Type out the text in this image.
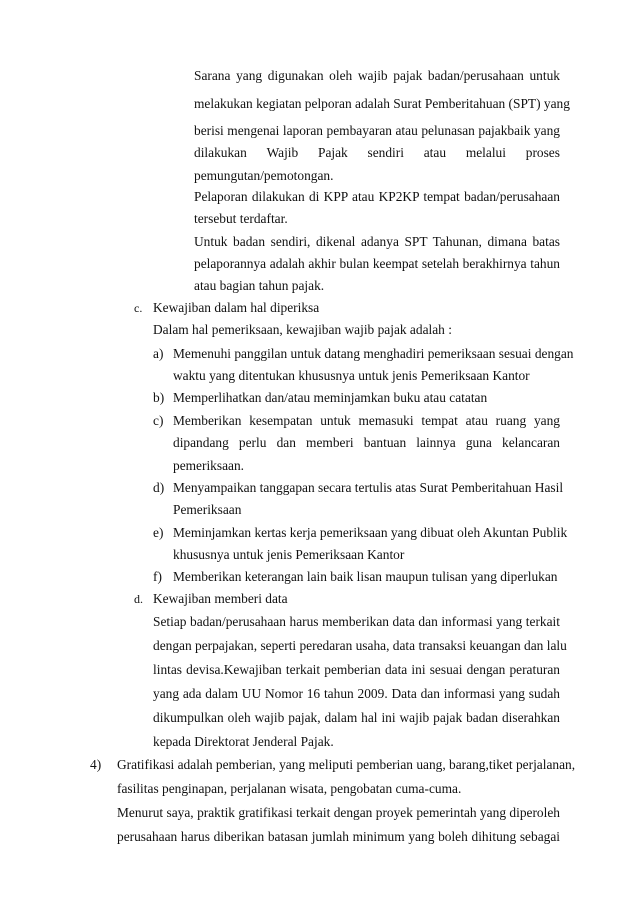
Sarana yang digunakan oleh wajib pajak badan/perusahaan untuk
melakukan kegiatan pelporan adalah Surat Pemberitahuan (SPT) yang
berisi mengenai laporan pembayaran atau pelunasan pajakbaik yang
dilakukan Wajib Pajak sendiri atau melalui proses
pemungutan/pemotongan.
Pelaporan dilakukan di KPP atau KP2KP tempat badan/perusahaan
tersebut terdaftar.
Untuk badan sendiri, dikenal adanya SPT Tahunan, dimana batas
pelaporannya adalah akhir bulan keempat setelah berakhirnya tahun
atau bagian tahun pajak.
c. Kewajiban dalam hal diperiksa
Dalam hal pemeriksaan, kewajiban wajib pajak adalah :
a) Memenuhi panggilan untuk datang menghadiri pemeriksaan sesuai dengan
waktu yang ditentukan khususnya untuk jenis Pemeriksaan Kantor
b) Memperlihatkan dan/atau meminjamkan buku atau catatan
c) Memberikan kesempatan untuk memasuki tempat atau ruang yang
dipandang perlu dan memberi bantuan lainnya guna kelancaran
pemeriksaan.
d) Menyampaikan tanggapan secara tertulis atas Surat Pemberitahuan Hasil
Pemeriksaan
e) Meminjamkan kertas kerja pemeriksaan yang dibuat oleh Akuntan Publik
khususnya untuk jenis Pemeriksaan Kantor
f) Memberikan keterangan lain baik lisan maupun tulisan yang diperlukan
d. Kewajiban memberi data
Setiap badan/perusahaan harus memberikan data dan informasi yang terkait
dengan perpajakan, seperti peredaran usaha, data transaksi keuangan dan lalu
lintas devisa.Kewajiban terkait pemberian data ini sesuai dengan peraturan
yang ada dalam UU Nomor 16 tahun 2009. Data dan informasi yang sudah
dikumpulkan oleh wajib pajak, dalam hal ini wajib pajak badan diserahkan
kepada Direktorat Jenderal Pajak.
4) Gratifikasi adalah pemberian, yang meliputi pemberian uang, barang,tiket perjalanan,
fasilitas penginapan, perjalanan wisata, pengobatan cuma-cuma.
Menurut saya, praktik gratifikasi terkait dengan proyek pemerintah yang diperoleh
perusahaan harus diberikan batasan jumlah minimum yang boleh dihitung sebagai
